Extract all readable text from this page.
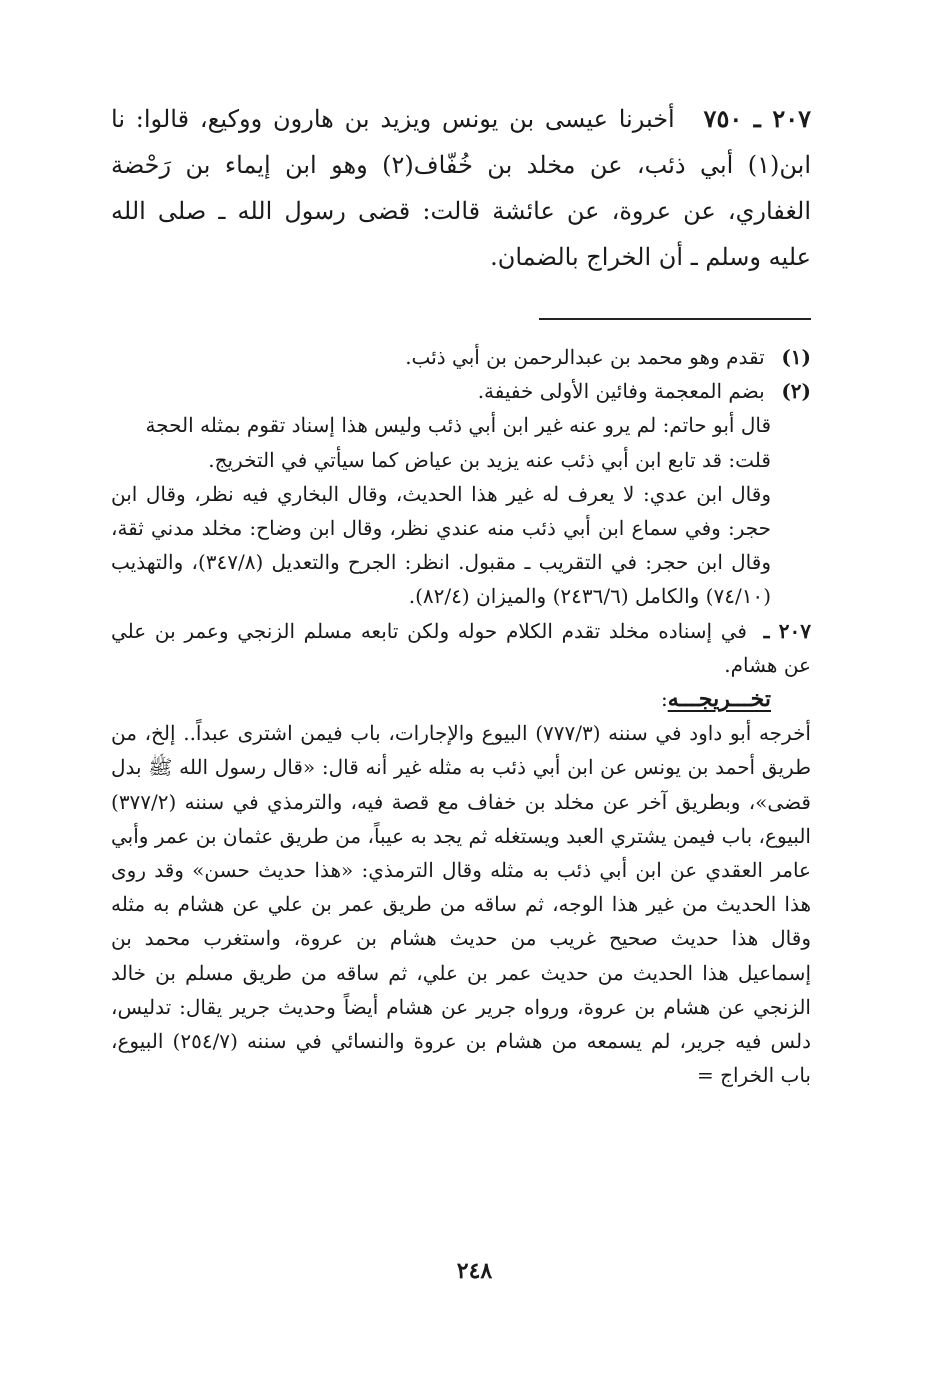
٢٠٧ ـ ٧٥٠ أخبرنا عيسى بن يونس ويزيد بن هارون ووكيع، قالوا: نا ابن(١) أبي ذئب، عن مخلد بن خُفّاف(٢) وهو ابن إيماء بن رَحْضة الغفاري، عن عروة، عن عائشة قالت: قضى رسول الله ـ صلى الله عليه وسلم ـ أن الخراج بالضمان.

(١) تقدم وهو محمد بن عبدالرحمن بن أبي ذئب.

(٢) بضم المعجمة وفائين الأولى خفيفة.

قال أبو حاتم: لم يرو عنه غير ابن أبي ذئب وليس هذا إسناد تقوم بمثله الحجة

قلت: قد تابع ابن أبي ذئب عنه يزيد بن عياض كما سيأتي في التخريج.

وقال ابن عدي: لا يعرف له غير هذا الحديث، وقال البخاري فيه نظر، وقال ابن حجر: وفي سماع ابن أبي ذئب منه عندي نظر، وقال ابن وضاح: مخلد مدني ثقة، وقال ابن حجر: في التقريب ـ مقبول. انظر: الجرح والتعديل (٣٤٧/٨)، والتهذيب (٧٤/١٠) والكامل (٢٤٣٦/٦) والميزان (٨٢/٤).

٢٠٧ ـ في إسناده مخلد تقدم الكلام حوله ولكن تابعه مسلم الزنجي وعمر بن علي عن هشام.

تخـــريجـــه:

أخرجه أبو داود في سننه (٧٧٧/٣) البيوع والإجارات، باب فيمن اشترى عبداً.. إلخ، من طريق أحمد بن يونس عن ابن أبي ذئب به مثله غير أنه قال: «قال رسول الله ﷺ بدل قضى»، وبطريق آخر عن مخلد بن خفاف مع قصة فيه، والترمذي في سننه (٣٧٧/٢) البيوع، باب فيمن يشتري العبد ويستغله ثم يجد به عيباً، من طريق عثمان بن عمر وأبي عامر العقدي عن ابن أبي ذئب به مثله وقال الترمذي: «هذا حديث حسن» وقد روى هذا الحديث من غير هذا الوجه، ثم ساقه من طريق عمر بن علي عن هشام به مثله وقال هذا حديث صحيح غريب من حديث هشام بن عروة، واستغرب محمد بن إسماعيل هذا الحديث من حديث عمر بن علي، ثم ساقه من طريق مسلم بن خالد الزنجي عن هشام بن عروة، ورواه جرير عن هشام أيضاً وحديث جرير يقال: تدليس، دلس فيه جرير، لم يسمعه من هشام بن عروة والنسائي في سننه (٢٥٤/٧) البيوع، باب الخراج =

٢٤٨
